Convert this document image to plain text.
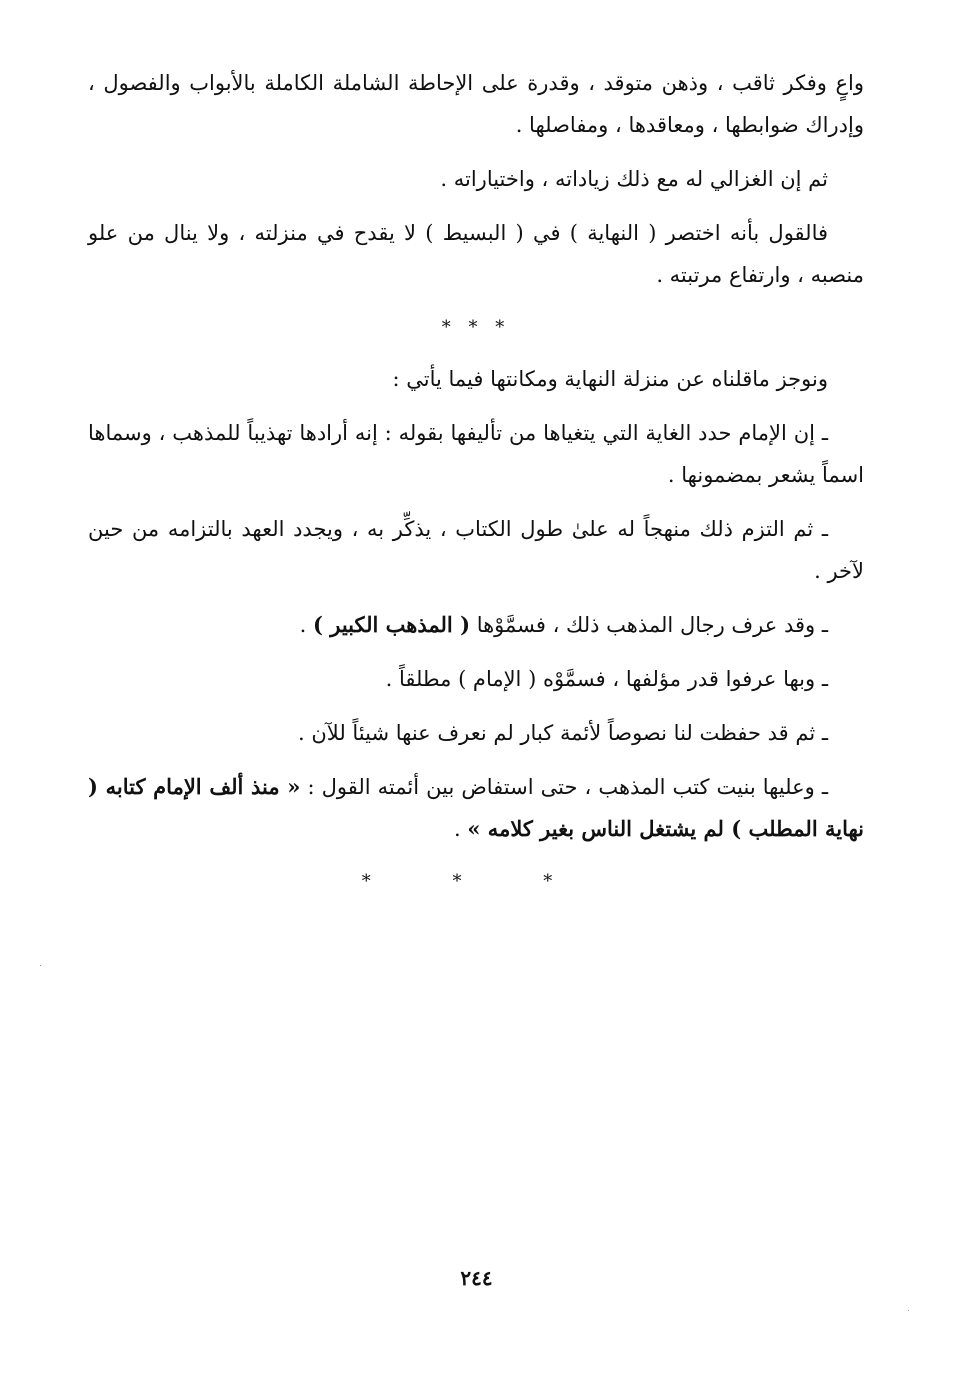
واعٍ وفكر ثاقب ، وذهن متوقد ، وقدرة على الإحاطة الشاملة الكاملة بالأبواب والفصول ، وإدراك ضوابطها ، ومعاقدها ، ومفاصلها .

ثم إن الغزالي له مع ذلك زياداته ، واختياراته .

فالقول بأنه اختصر ( النهاية ) في ( البسيط ) لا يقدح في منزلته ، ولا ينال من علو منصبه ، وارتفاع مرتبته .

* * *

ونوجز ماقلناه عن منزلة النهاية ومكانتها فيما يأتي :

ـ إن الإمام حدد الغاية التي يتغياها من تأليفها بقوله : إنه أرادها تهذيباً للمذهب ، وسماها اسماً يشعر بمضمونها .

ـ ثم التزم ذلك منهجاً له علىٰ طول الكتاب ، يذكِّر به ، ويجدد العهد بالتزامه من حين لآخر .

ـ وقد عرف رجال المذهب ذلك ، فسمَّوْها ( المذهب الكبير ) .

ـ وبها عرفوا قدر مؤلفها ، فسمَّوْه ( الإمام ) مطلقاً .

ـ ثم قد حفظت لنا نصوصاً لأئمة كبار لم نعرف عنها شيئاً للآن .

ـ وعليها بنيت كتب المذهب ، حتى استفاض بين أئمته القول : « منذ ألف الإمام كتابه ( نهاية المطلب ) لم يشتغل الناس بغير كلامه » .

* * *

٢٤٤
